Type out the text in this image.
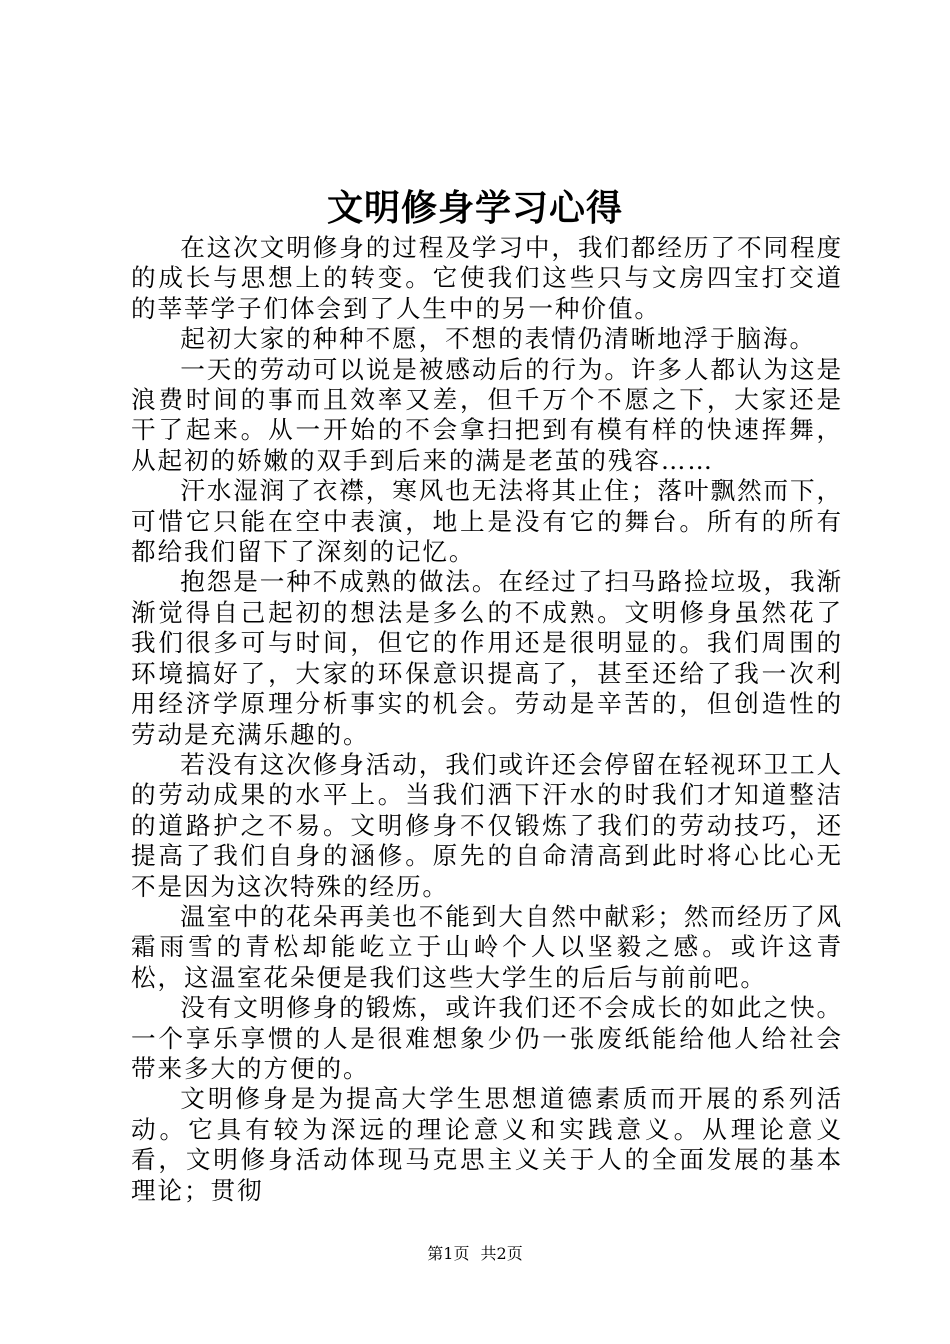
文明修身学习心得

在这次文明修身的过程及学习中，我们都经历了不同程度的成长与思想上的转变。它使我们这些只与文房四宝打交道的莘莘学子们体会到了人生中的另一种价值。

起初大家的种种不愿，不想的表情仍清晰地浮于脑海。

一天的劳动可以说是被感动后的行为。许多人都认为这是浪费时间的事而且效率又差，但千万个不愿之下，大家还是干了起来。从一开始的不会拿扫把到有模有样的快速挥舞，从起初的娇嫩的双手到后来的满是老茧的残容……

汗水湿润了衣襟，寒风也无法将其止住；落叶飘然而下，可惜它只能在空中表演，地上是没有它的舞台。所有的所有都给我们留下了深刻的记忆。

抱怨是一种不成熟的做法。在经过了扫马路捡垃圾，我渐渐觉得自己起初的想法是多么的不成熟。文明修身虽然花了我们很多可与时间，但它的作用还是很明显的。我们周围的环境搞好了，大家的环保意识提高了，甚至还给了我一次利用经济学原理分析事实的机会。劳动是辛苦的，但创造性的劳动是充满乐趣的。

若没有这次修身活动，我们或许还会停留在轻视环卫工人的劳动成果的水平上。当我们洒下汗水的时我们才知道整洁的道路护之不易。文明修身不仅锻炼了我们的劳动技巧，还提高了我们自身的涵修。原先的自命清高到此时将心比心无不是因为这次特殊的经历。

温室中的花朵再美也不能到大自然中献彩；然而经历了风霜雨雪的青松却能屹立于山岭个人以坚毅之感。或许这青松，这温室花朵便是我们这些大学生的后后与前前吧。

没有文明修身的锻炼，或许我们还不会成长的如此之快。一个享乐享惯的人是很难想象少仍一张废纸能给他人给社会带来多大的方便的。

文明修身是为提高大学生思想道德素质而开展的系列活动。它具有较为深远的理论意义和实践意义。从理论意义看，文明修身活动体现马克思主义关于人的全面发展的基本理论；贯彻

第1页 共2页
